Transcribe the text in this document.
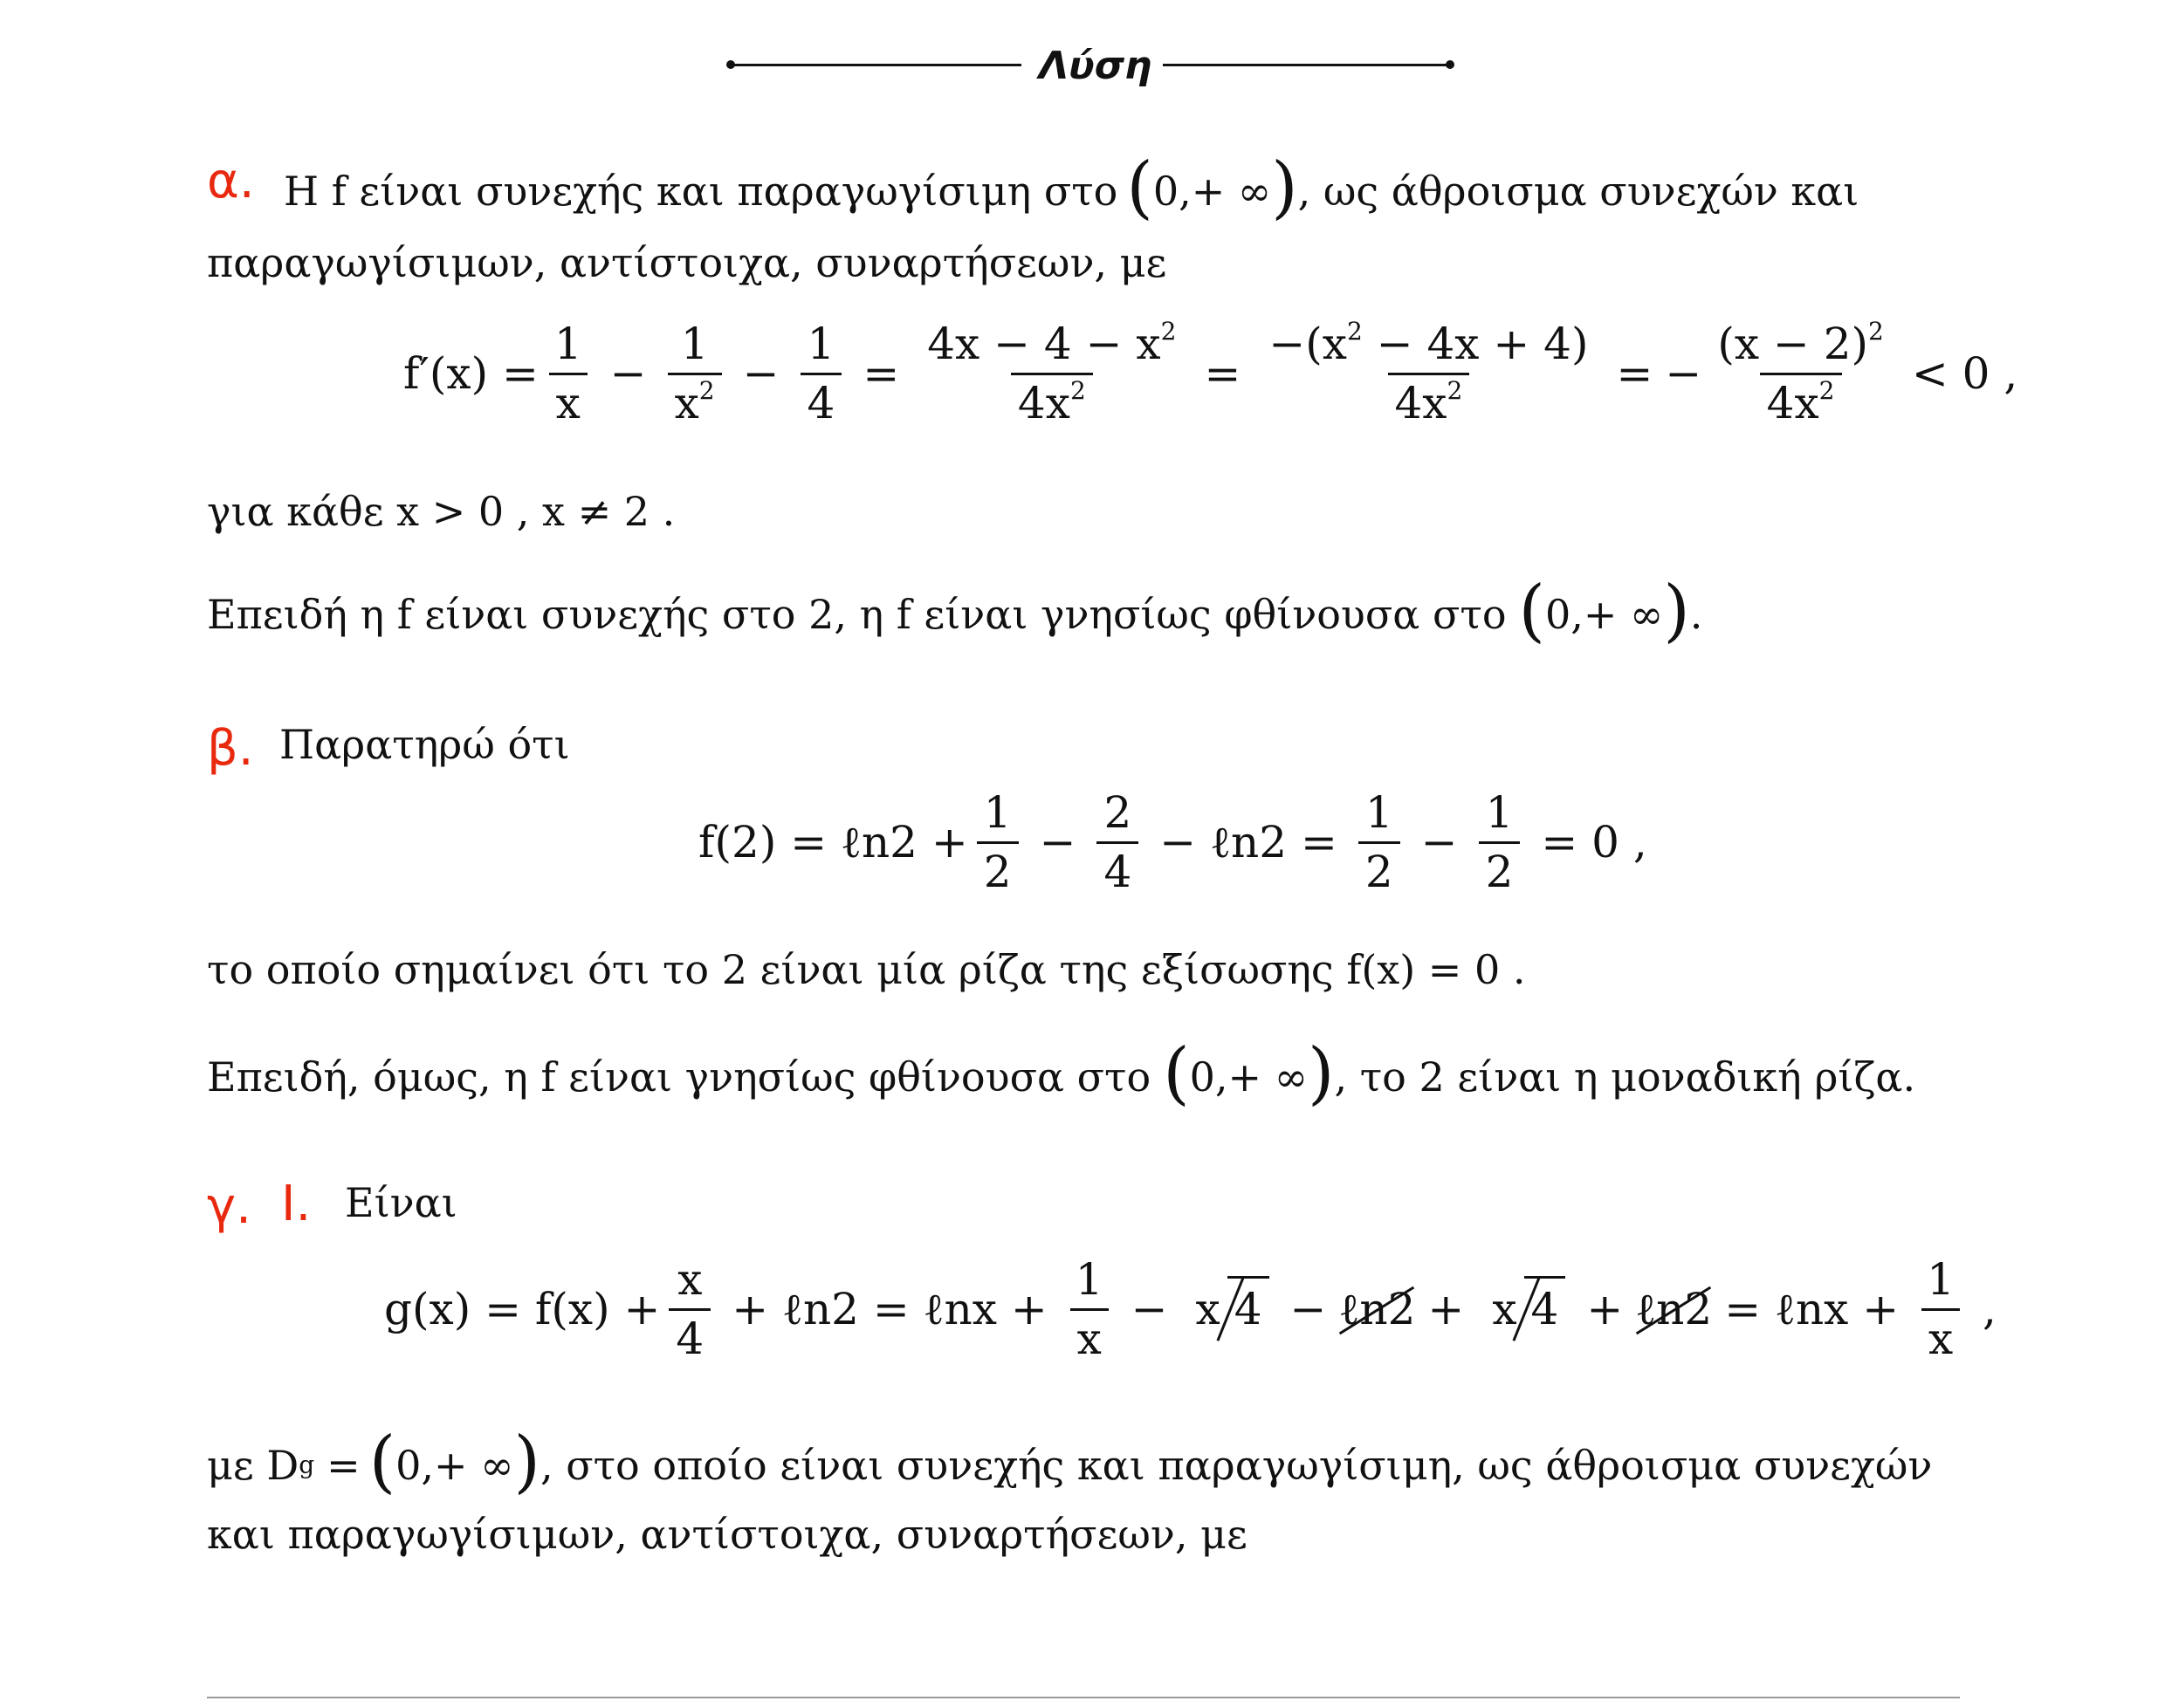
Λύση
α. Η f είναι συνεχής και παραγωγίσιμη στο ( 0,+ ∞ ) , ως άθροισμα συνεχών και
παραγωγίσιμων, αντίστοιχα, συναρτήσεων, με
$f'(x) = \frac{1}{x} - \frac{1}{x^2} - \frac{1}{4} = \frac{4x - 4 - x^2}{4x^2} = \frac{-(x^2 - 4x + 4)}{4x^2}$ = − $\frac{(x - 2)^2}{4x^2} < 0$ ,
για κάθε x > 0 , x ≠ 2 .
Επειδή η f είναι συνεχής στο 2, η f είναι γνησίως φθίνουσα στο ( 0,+ ∞ ) .
β. Παρατηρώ ότι
f(2) = ℓn2 + $\frac{1}{2} - \frac{2}{4}$ − ℓn2 = $\frac{1}{2} - \frac{1}{2} = 0$ ,
το οποίο σημαίνει ότι το 2 είναι μία ρίζα της εξίσωσης f(x) = 0 .
Επειδή, όμως, η f είναι γνησίως φθίνουσα στο ( 0,+ ∞ ) , το 2 είναι η μοναδική ρίζα.
γ. Ι. Είναι
$g(x) = f(x) + \frac{x}{4}$ + ℓn2 = ℓnx + $\frac{1}{x} - x$ 4 − ℓn2 + x 4 + ℓn2 = ℓnx + $\frac{1}{x}$ ,
με D g = ( 0,+ ∞ ) , στο οποίο είναι συνεχής και παραγωγίσιμη, ως άθροισμα συνεχών
και παραγωγίσιμων, αντίστοιχα, συναρτήσεων, με
